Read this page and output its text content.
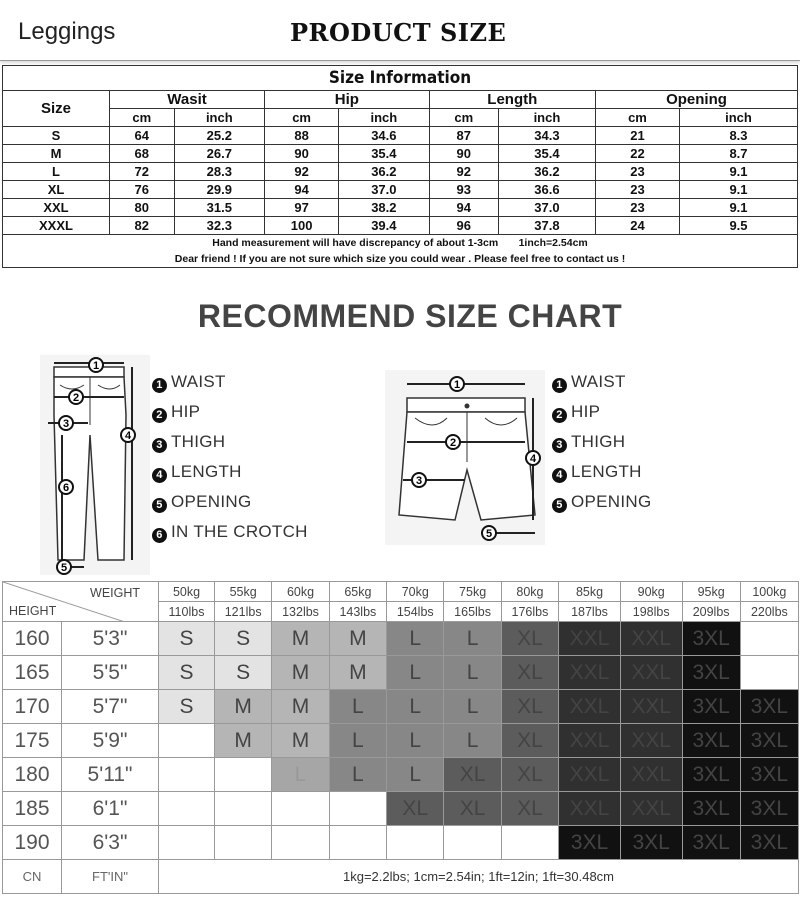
Leggings	PRODUCT SIZE
Size Information								
Size	Wasit		Hip		Length		Opening	
	cm	inch	cm	inch	cm	inch	cm	inch
S	64	25.2	88	34.6	87	34.3	21	8.3
M	68	26.7	90	35.4	90	35.4	22	8.7
L	72	28.3	92	36.2	92	36.2	23	9.1
XL	76	29.9	94	37.0	93	36.6	23	9.1
XXL	80	31.5	97	38.2	94	37.0	23	9.1
XXXL	82	32.3	100	39.4	96	37.8	24	9.5
Hand measurement will have discrepancy of about 1-3cm       1inch=2.54cm								
Dear friend ! If you are not sure which size you could wear . Please feel free to contact us !								
RECOMMEND SIZE CHART
1
2
3
4
6
5
1 WAIST
2 HIP
3 THIGH
4 LENGTH
5 OPENING
6 IN THE CROTCH
1
2
4
3
5
1 WAIST
2 HIP
3 THIGH
4 LENGTH
5 OPENING
WEIGHT
HEIGHT		50kg	55kg	60kg	65kg	70kg	75kg	80kg	85kg	90kg	95kg	100kg
		110lbs	121lbs	132lbs	143lbs	154lbs	165lbs	176lbs	187lbs	198lbs	209lbs	220lbs
160	5'3"	S	S	M	M	L	L	XL	XXL	XXL	3XL	
165	5'5"	S	S	M	M	L	L	XL	XXL	XXL	3XL	
170	5'7"	S	M	M	L	L	L	XL	XXL	XXL	3XL	3XL
175	5'9"		M	M	L	L	L	XL	XXL	XXL	3XL	3XL
180	5'11"			L	L	L	XL	XL	XXL	XXL	3XL	3XL
185	6'1"					XL	XL	XL	XXL	XXL	3XL	3XL
190	6'3"								3XL	3XL	3XL	3XL
CN	FT'IN"	1kg=2.2lbs; 1cm=2.54in; 1ft=12in; 1ft=30.48cm										
